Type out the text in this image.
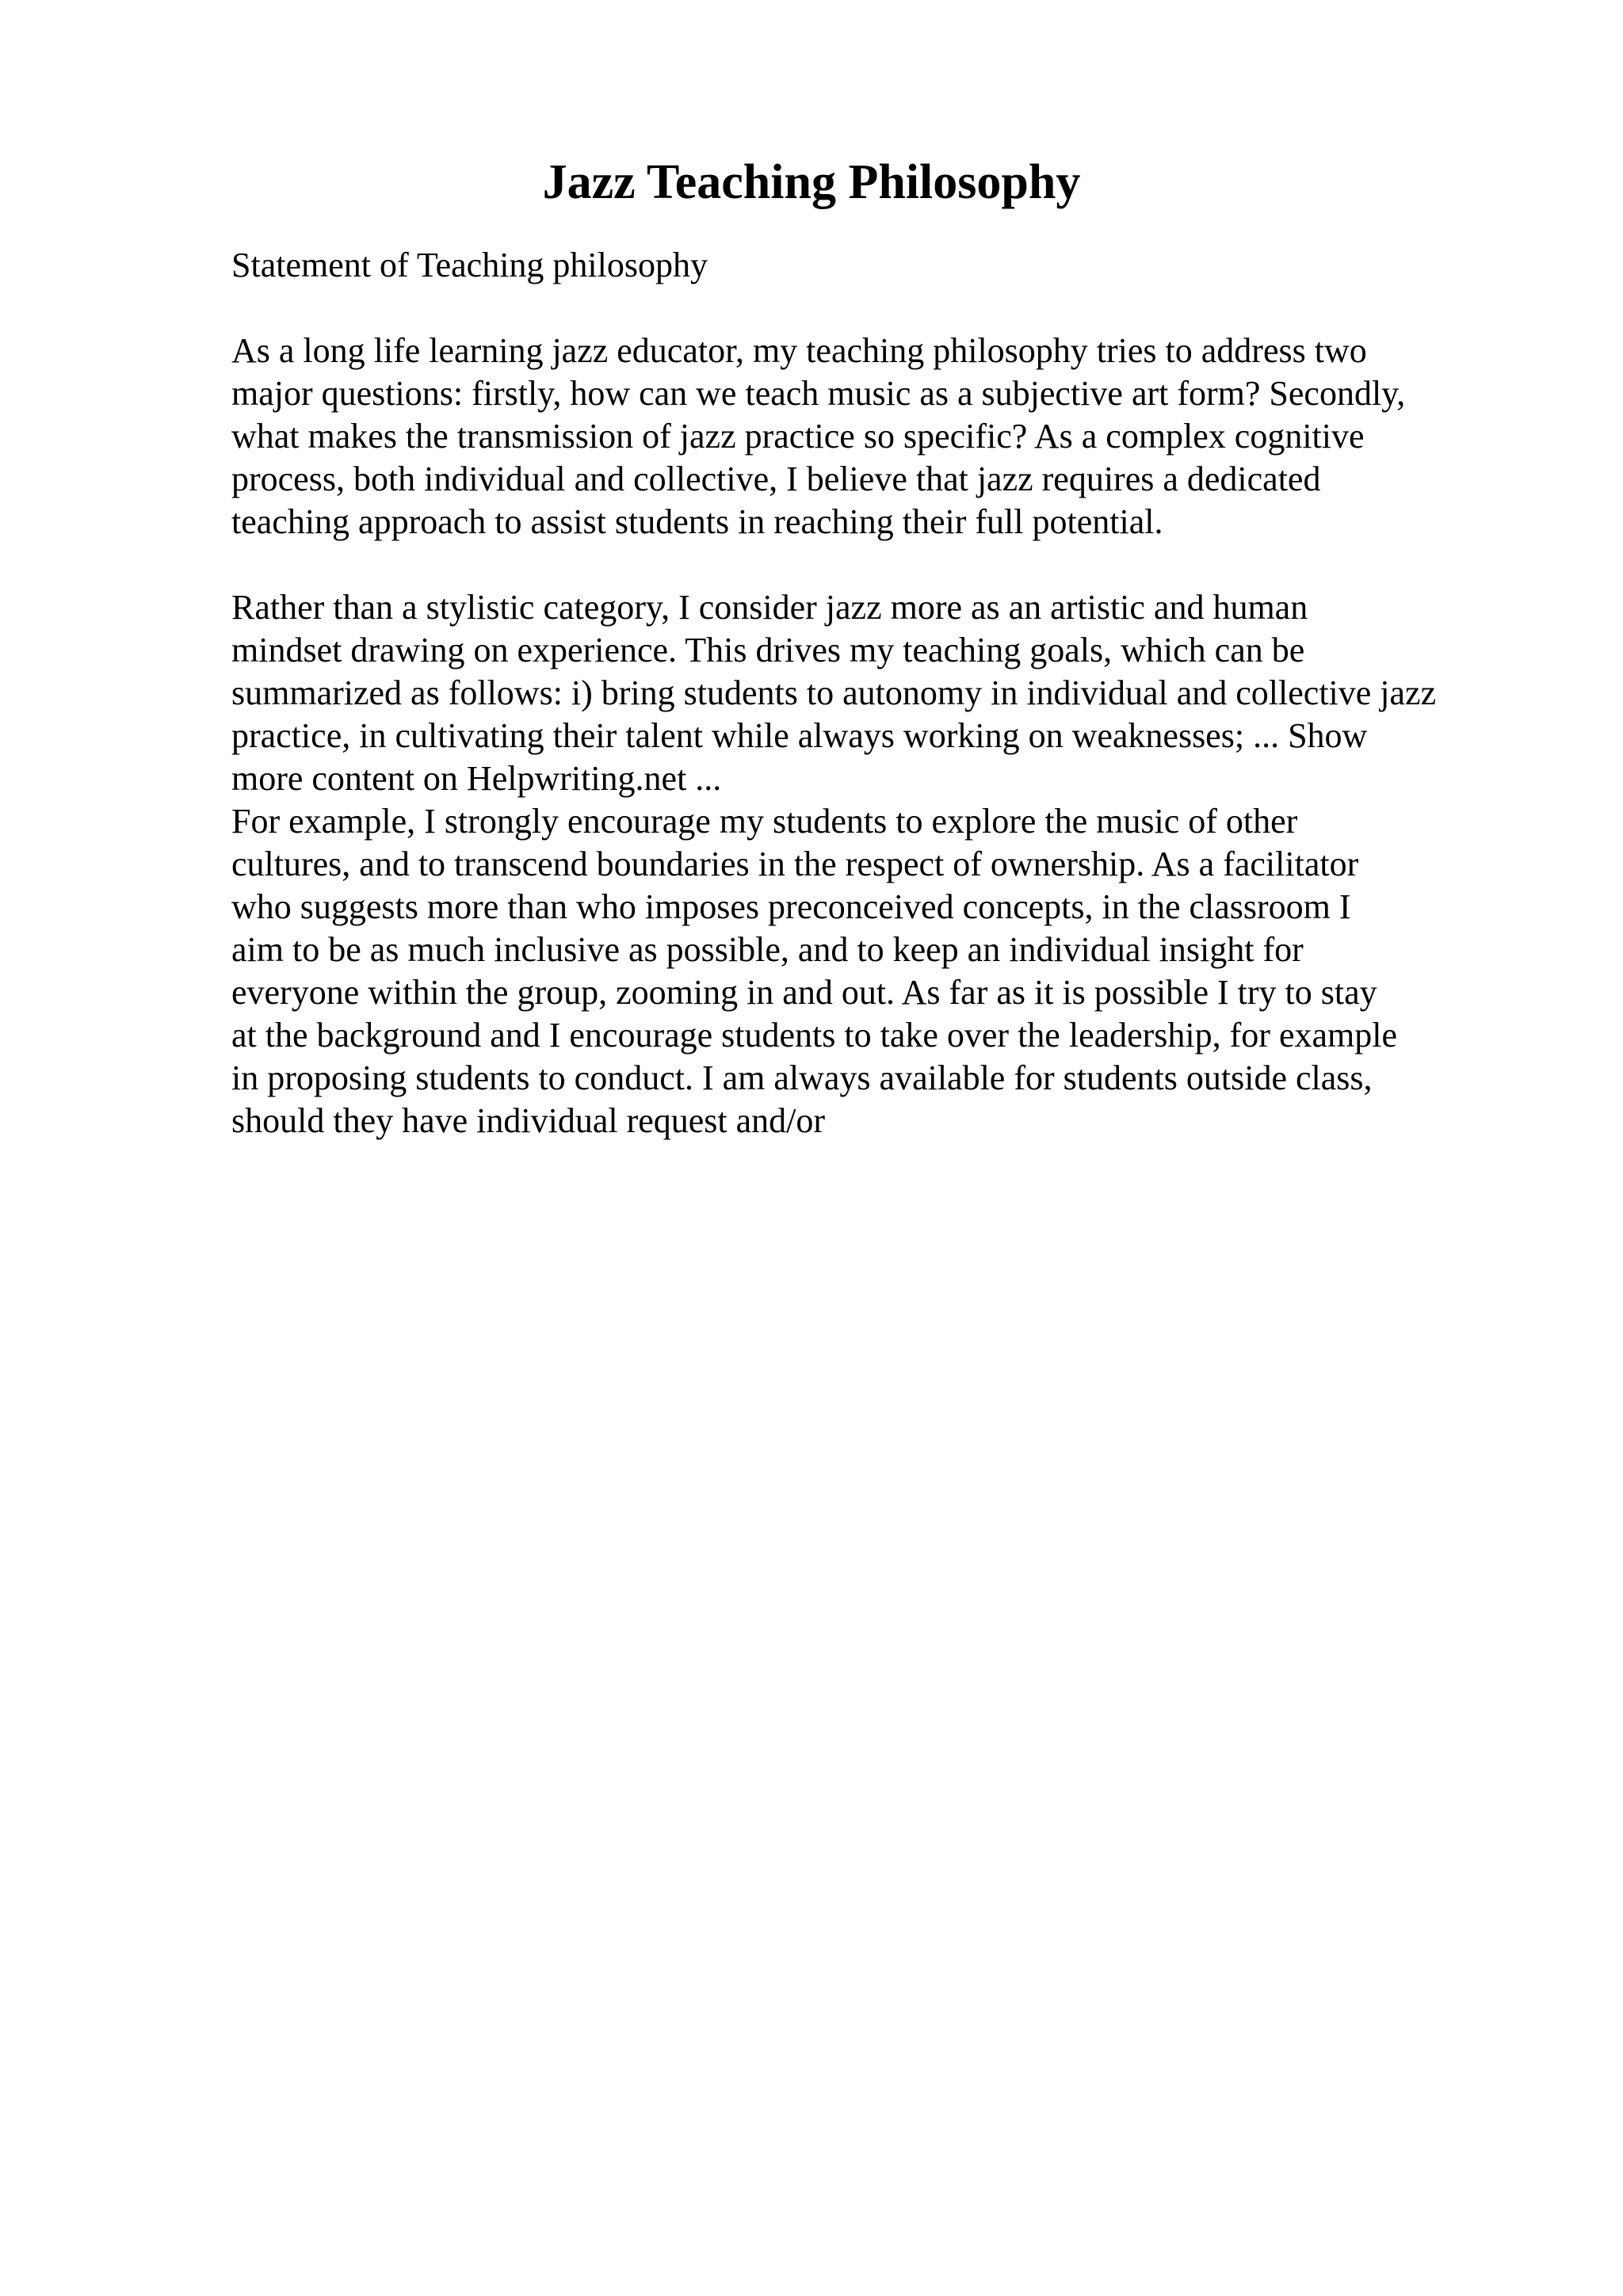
Jazz Teaching Philosophy
Statement of Teaching philosophy
As a long life learning jazz educator, my teaching philosophy tries to address two
major questions: firstly, how can we teach music as a subjective art form? Secondly,
what makes the transmission of jazz practice so specific? As a complex cognitive
process, both individual and collective, I believe that jazz requires a dedicated
teaching approach to assist students in reaching their full potential.
Rather than a stylistic category, I consider jazz more as an artistic and human
mindset drawing on experience. This drives my teaching goals, which can be
summarized as follows: i) bring students to autonomy in individual and collective jazz
practice, in cultivating their talent while always working on weaknesses; ... Show
more content on Helpwriting.net ...
For example, I strongly encourage my students to explore the music of other
cultures, and to transcend boundaries in the respect of ownership. As a facilitator
who suggests more than who imposes preconceived concepts, in the classroom I
aim to be as much inclusive as possible, and to keep an individual insight for
everyone within the group, zooming in and out. As far as it is possible I try to stay
at the background and I encourage students to take over the leadership, for example
in proposing students to conduct. I am always available for students outside class,
should they have individual request and/or
